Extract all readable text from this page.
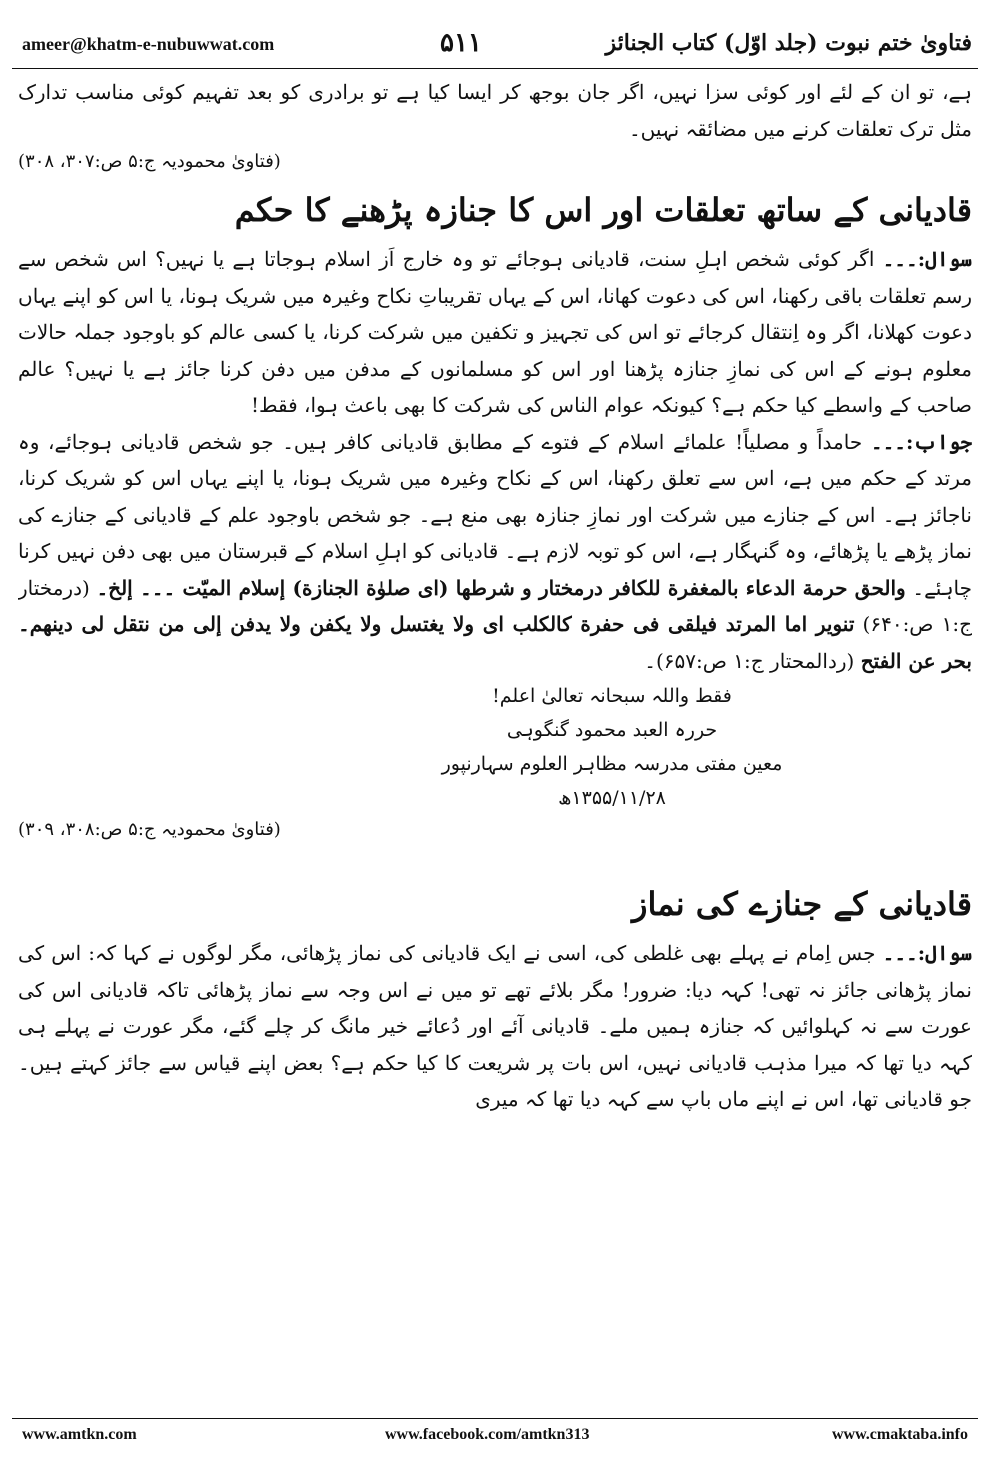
ameer@khatm-e-nubuwwat.com	۵۱۱	فتاویٰ ختم نبوت (جلد اوّل) کتاب الجنائز

ہے، تو ان کے لئے اور کوئی سزا نہیں، اگر جان بوجھ کر ایسا کیا ہے تو برادری کو بعد تفہیم کوئی مناسب تدارک مثل ترک تعلقات کرنے میں مضائقہ نہیں۔

(فتاویٰ محمودیہ ج:۵ ص:۳۰۷، ۳۰۸)

قادیانی کے ساتھ تعلقات اور اس کا جنازہ پڑھنے کا حکم

سوال:۔۔۔ اگر کوئی شخص اہلِ سنت، قادیانی ہوجائے تو وہ خارج اَز اسلام ہوجاتا ہے یا نہیں؟ اس شخص سے رسم تعلقات باقی رکھنا، اس کی دعوت کھانا، اس کے یہاں تقریباتِ نکاح وغیرہ میں شریک ہونا، یا اس کو اپنے یہاں دعوت کھلانا، اگر وہ اِنتقال کرجائے تو اس کی تجہیز و تکفین میں شرکت کرنا، یا کسی عالم کو باوجود جملہ حالات معلوم ہونے کے اس کی نمازِ جنازہ پڑھنا اور اس کو مسلمانوں کے مدفن میں دفن کرنا جائز ہے یا نہیں؟ عالم صاحب کے واسطے کیا حکم ہے؟ کیونکہ عوام الناس کی شرکت کا بھی باعث ہوا، فقط!

جواب:۔۔۔ حامداً و مصلیاً! علمائے اسلام کے فتوے کے مطابق قادیانی کافر ہیں۔ جو شخص قادیانی ہوجائے، وہ مرتد کے حکم میں ہے، اس سے تعلق رکھنا، اس کے نکاح وغیرہ میں شریک ہونا، یا اپنے یہاں اس کو شریک کرنا، ناجائز ہے۔ اس کے جنازے میں شرکت اور نمازِ جنازہ بھی منع ہے۔ جو شخص باوجود علم کے قادیانی کے جنازے کی نماز پڑھے یا پڑھائے، وہ گنہگار ہے، اس کو توبہ لازم ہے۔ قادیانی کو اہلِ اسلام کے قبرستان میں بھی دفن نہیں کرنا چاہئے۔ والحق حرمة الدعاء بالمغفرة للكافر درمختار و شرطها (ای صلوٰة الجنازة) إسلام الميّت ۔۔۔ إلخ۔ (درمختار ج:۱ ص:۶۴۰) تنوير اما المرتد فيلقى فى حفرة كالكلب اى ولا يغتسل ولا يكفن ولا يدفن إلى من نتقل لى دينهم۔ بحر عن الفتح (ردالمحتار ج:۱ ص:۶۵۷)۔

فقط واللہ سبحانہ تعالیٰ اعلم!
حررہ العبد محمود گنگوہی
معین مفتی مدرسہ مظاہر العلوم سہارنپور
۱۳۵۵/۱۱/۲۸ھ

(فتاویٰ محمودیہ ج:۵ ص:۳۰۸، ۳۰۹)

قادیانی کے جنازے کی نماز

سوال:۔۔۔ جس اِمام نے پہلے بھی غلطی کی، اسی نے ایک قادیانی کی نماز پڑھائی، مگر لوگوں نے کہا کہ: اس کی نماز پڑھانی جائز نہ تھی! کہہ دیا: ضرور! مگر بلائے تھے تو میں نے اس وجہ سے نماز پڑھائی تاکہ قادیانی اس کی عورت سے نہ کہلوائیں کہ جنازہ ہمیں ملے۔ قادیانی آئے اور دُعائے خیر مانگ کر چلے گئے، مگر عورت نے پہلے ہی کہہ دیا تھا کہ میرا مذہب قادیانی نہیں، اس بات پر شریعت کا کیا حکم ہے؟ بعض اپنے قیاس سے جائز کہتے ہیں۔ جو قادیانی تھا، اس نے اپنے ماں باپ سے کہہ دیا تھا کہ میری

www.amtkn.com	www.facebook.com/amtkn313	www.cmaktaba.info
